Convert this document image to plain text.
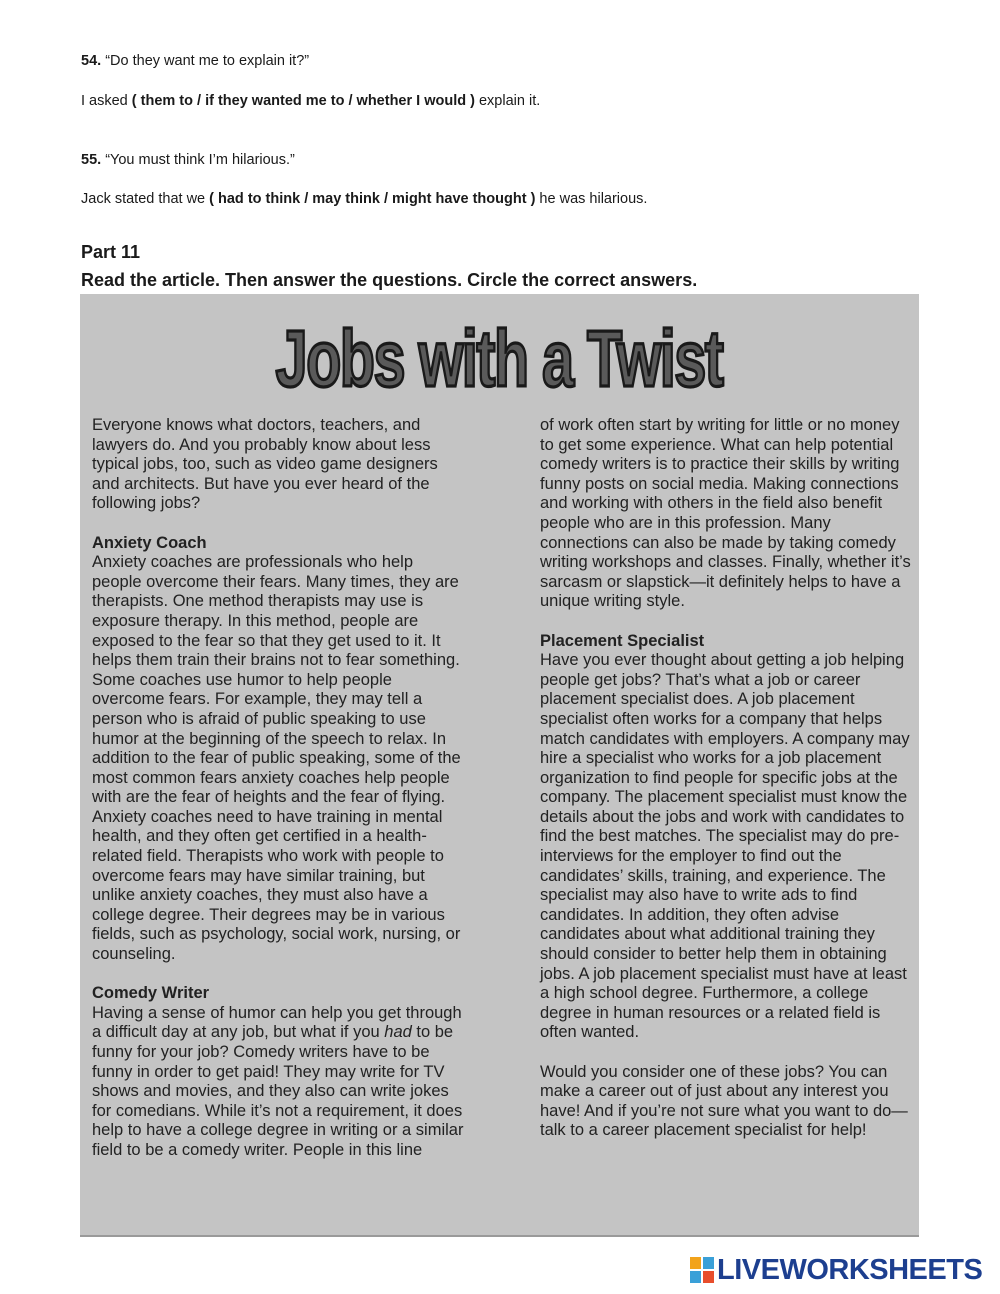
54. “Do they want me to explain it?”

I asked ( them to / if they wanted me to / whether I would ) explain it.

55. “You must think I’m hilarious.”

Jack stated that we ( had to think / may think / might have thought ) he was hilarious.

Part 11

Read the article. Then answer the questions. Circle the correct answers.

Jobs with a Twist

Everyone knows what doctors, teachers, and lawyers do. And you probably know about less typical jobs, too, such as video game designers and architects. But have you ever heard of the following jobs?

Anxiety Coach

Anxiety coaches are professionals who help people overcome their fears. Many times, they are therapists. One method therapists may use is exposure therapy. In this method, people are exposed to the fear so that they get used to it. It helps them train their brains not to fear something. Some coaches use humor to help people overcome fears. For example, they may tell a person who is afraid of public speaking to use humor at the beginning of the speech to relax. In addition to the fear of public speaking, some of the most common fears anxiety coaches help people with are the fear of heights and the fear of flying. Anxiety coaches need to have training in mental health, and they often get certified in a health-related field. Therapists who work with people to overcome fears may have similar training, but unlike anxiety coaches, they must also have a college degree. Their degrees may be in various fields, such as psychology, social work, nursing, or counseling.

Comedy Writer

Having a sense of humor can help you get through a difficult day at any job, but what if you had to be funny for your job? Comedy writers have to be funny in order to get paid! They may write for TV shows and movies, and they also can write jokes for comedians. While it’s not a requirement, it does help to have a college degree in writing or a similar field to be a comedy writer. People in this line

of work often start by writing for little or no money to get some experience. What can help potential comedy writers is to practice their skills by writing funny posts on social media. Making connections and working with others in the field also benefit people who are in this profession. Many connections can also be made by taking comedy writing workshops and classes. Finally, whether it’s sarcasm or slapstick—it definitely helps to have a unique writing style.

Placement Specialist

Have you ever thought about getting a job helping people get jobs? That’s what a job or career placement specialist does. A job placement specialist often works for a company that helps match candidates with employers. A company may hire a specialist who works for a job placement organization to find people for specific jobs at the company. The placement specialist must know the details about the jobs and work with candidates to find the best matches. The specialist may do pre-interviews for the employer to find out the candidates’ skills, training, and experience. The specialist may also have to write ads to find candidates. In addition, they often advise candidates about what additional training they should consider to better help them in obtaining jobs. A job placement specialist must have at least a high school degree. Furthermore, a college degree in human resources or a related field is often wanted.

Would you consider one of these jobs? You can make a career out of just about any interest you have! And if you’re not sure what you want to do—talk to a career placement specialist for help!

LIVEWORKSHEETS
